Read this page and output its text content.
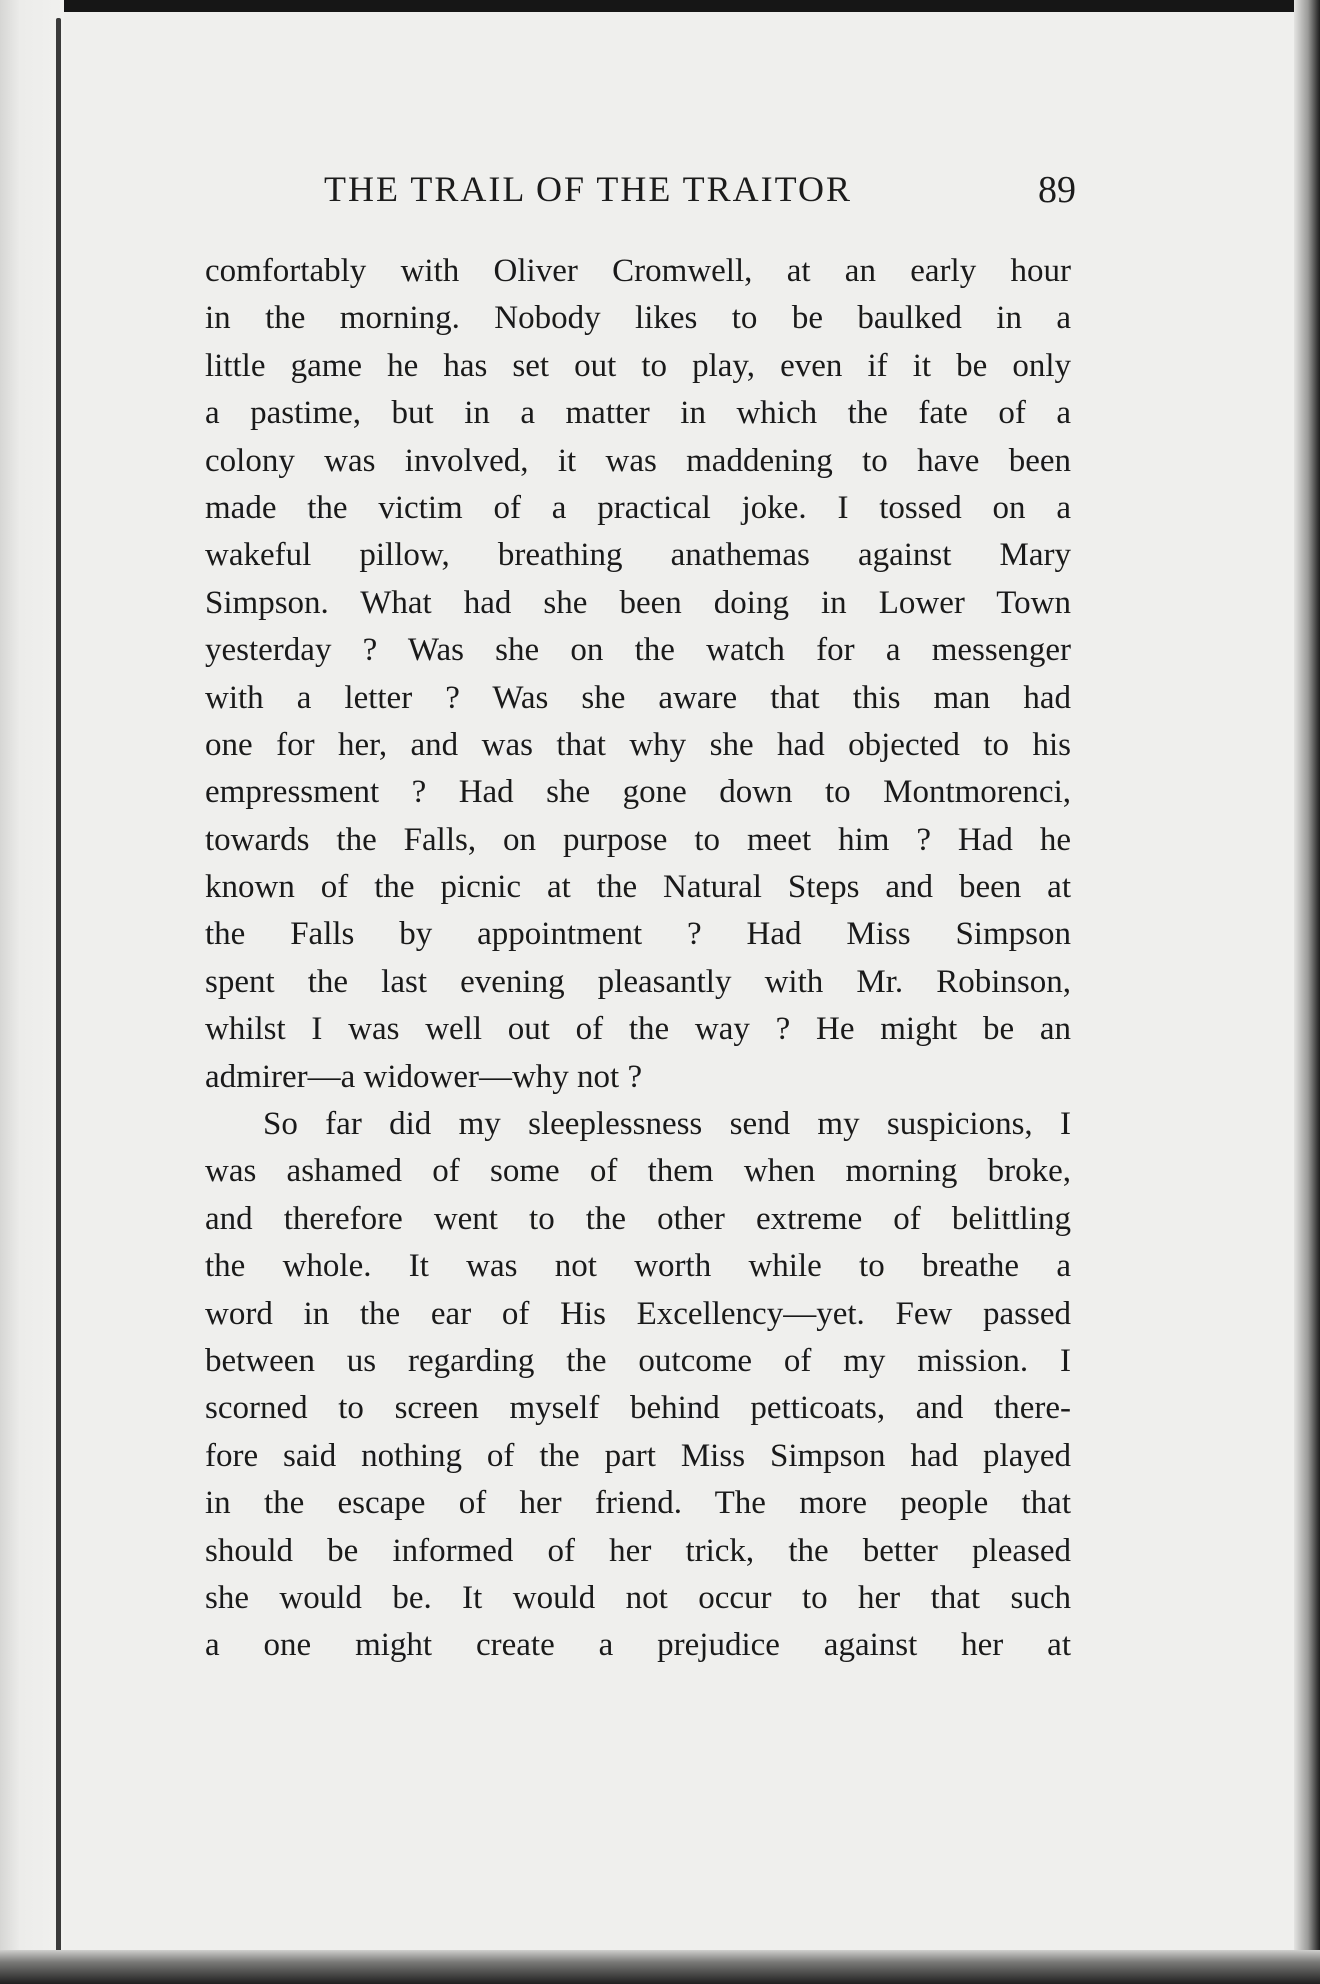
THE TRAIL OF THE TRAITOR	89
comfortably with Oliver Cromwell, at an early hour
in the morning. Nobody likes to be baulked in a
little game he has set out to play, even if it be only
a pastime, but in a matter in which the fate of a
colony was involved, it was maddening to have been
made the victim of a practical joke. I tossed on a
wakeful pillow, breathing anathemas against Mary
Simpson. What had she been doing in Lower Town
yesterday ? Was she on the watch for a messenger
with a letter ? Was she aware that this man had
one for her, and was that why she had objected to his
empressment ? Had she gone down to Montmorenci,
towards the Falls, on purpose to meet him ? Had he
known of the picnic at the Natural Steps and been at
the Falls by appointment ? Had Miss Simpson
spent the last evening pleasantly with Mr. Robinson,
whilst I was well out of the way ? He might be an
admirer—a widower—why not ?
So far did my sleeplessness send my suspicions, I
was ashamed of some of them when morning broke,
and therefore went to the other extreme of belittling
the whole. It was not worth while to breathe a
word in the ear of His Excellency—yet. Few passed
between us regarding the outcome of my mission. I
scorned to screen myself behind petticoats, and there-
fore said nothing of the part Miss Simpson had played
in the escape of her friend. The more people that
should be informed of her trick, the better pleased
she would be. It would not occur to her that such
a one might create a prejudice against her at
